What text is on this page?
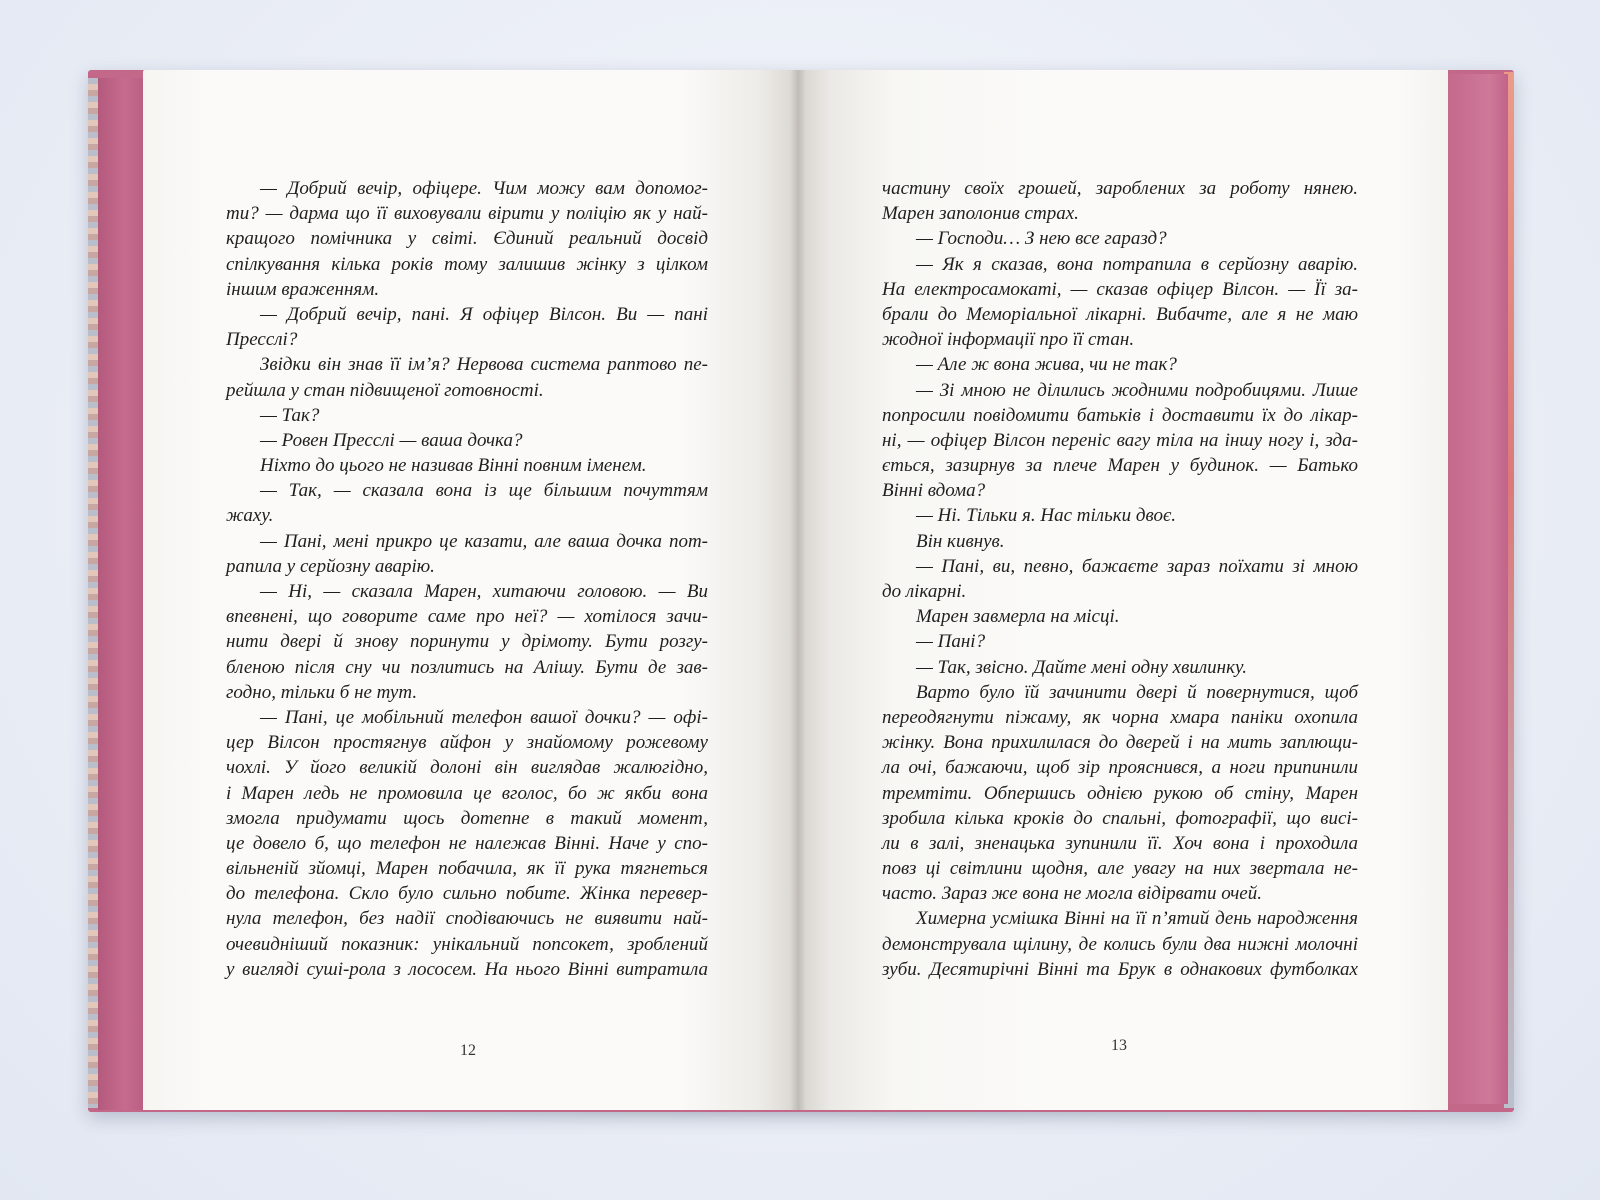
— Добрий вечір, офіцере. Чим можу вам допомог-
ти? — дарма що її виховували вірити у поліцію як у най-
кращого помічника у світі. Єдиний реальний досвід
спілкування кілька років тому залишив жінку з цілком
іншим враженням.
— Добрий вечір, пані. Я офіцер Вілсон. Ви — пані
Пресслі?
Звідки він знав її ім’я? Нервова система раптово пе-
рейшла у стан підвищеної готовності.
— Так?
— Ровен Пресслі — ваша дочка?
Ніхто до цього не називав Вінні повним іменем.
— Так, — сказала вона із ще більшим почуттям
жаху.
— Пані, мені прикро це казати, але ваша дочка пот-
рапила у серйозну аварію.
— Ні, — сказала Марен, хитаючи головою. — Ви
впевнені, що говорите саме про неї? — хотілося зачи-
нити двері й знову поринути у дрімоту. Бути розгу-
бленою після сну чи позлитись на Алішу. Бути де зав-
годно, тільки б не тут.
— Пані, це мобільний телефон вашої дочки? — офі-
цер Вілсон простягнув айфон у знайомому рожевому
чохлі. У його великій долоні він виглядав жалюгідно,
і Марен ледь не промовила це вголос, бо ж якби вона
змогла придумати щось дотепне в такий момент,
це довело б, що телефон не належав Вінні. Наче у спо-
вільненій зйомці, Марен побачила, як її рука тягнеться
до телефона. Скло було сильно побите. Жінка перевер-
нула телефон, без надії сподіваючись не виявити най-
очевидніший показник: унікальний попсокет, зроблений
у вигляді суші-рола з лососем. На нього Вінні витратила
частину своїх грошей, зароблених за роботу нянею.
Марен заполонив страх.
— Господи… З нею все гаразд?
— Як я сказав, вона потрапила в серйозну аварію.
На електросамокаті, — сказав офіцер Вілсон. — Її за-
брали до Меморіальної лікарні. Вибачте, але я не маю
жодної інформації про її стан.
— Але ж вона жива, чи не так?
— Зі мною не ділились жодними подробицями. Лише
попросили повідомити батьків і доставити їх до лікар-
ні, — офіцер Вілсон переніс вагу тіла на іншу ногу і, зда-
ється, зазирнув за плече Марен у будинок. — Батько
Вінні вдома?
— Ні. Тільки я. Нас тільки двоє.
Він кивнув.
— Пані, ви, певно, бажаєте зараз поїхати зі мною
до лікарні.
Марен завмерла на місці.
— Пані?
— Так, звісно. Дайте мені одну хвилинку.
Варто було їй зачинити двері й повернутися, щоб
переодягнути піжаму, як чорна хмара паніки охопила
жінку. Вона прихилилася до дверей і на мить заплющи-
ла очі, бажаючи, щоб зір прояснився, а ноги припинили
тремтіти. Обпершись однією рукою об стіну, Марен
зробила кілька кроків до спальні, фотографії, що висі-
ли в залі, зненацька зупинили її. Хоч вона і проходила
повз ці світлини щодня, але увагу на них звертала не-
часто. Зараз же вона не могла відірвати очей.
Химерна усмішка Вінні на її п’ятий день народження
демонструвала щілину, де колись були два нижні молочні
зуби. Десятирічні Вінні та Брук в однакових футболках
12	13
